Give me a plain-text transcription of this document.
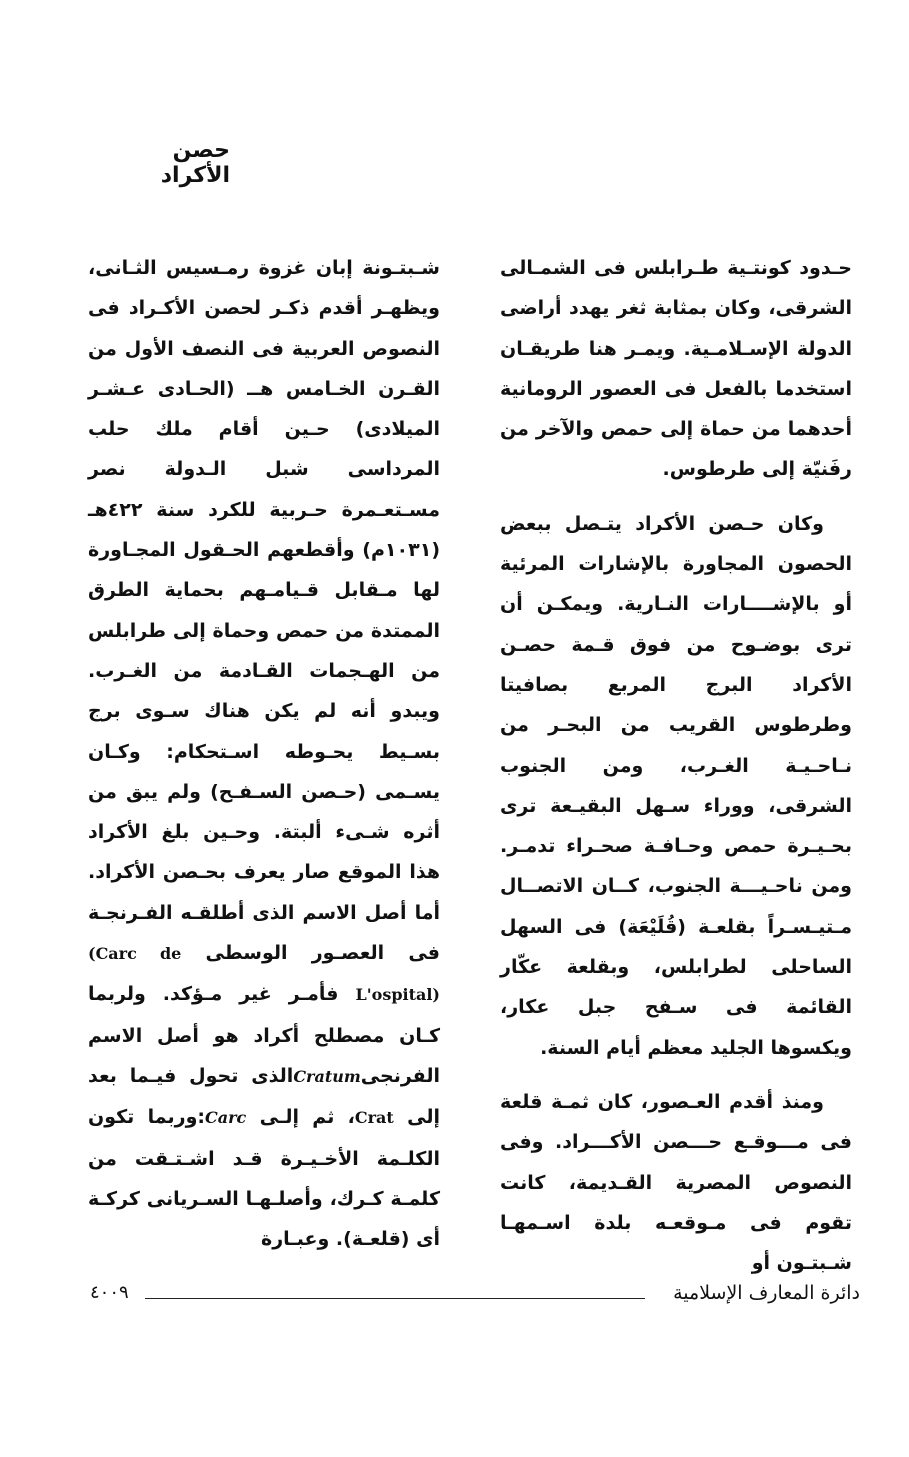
حصن الأكراد

حـدود كونتـية طـرابلس فى الشمـالى الشرقى، وكان بمثابة ثغر يهدد أراضى الدولة الإسـلامـية. ويمـر هنا طريقـان استخدما بالفعل فى العصور الرومانية أحدهما من حماة إلى حمص والآخر من رفَنيّة إلى طرطوس.

وكان حـصن الأكراد يتـصل ببعض الحصون المجاورة بالإشارات المرئية أو بالإشــــارات النـارية. ويمكـن أن ترى بوضـوح من فوق قـمة حصـن الأكراد البرج المربع بصافيتا وطرطوس القريب من البحـر من نـاحـيـة الغـرب، ومن الجنوب الشرقى، ووراء سـهل البقيـعة ترى بحـيـرة حمص وحـافـة صحـراء تدمـر. ومن ناحـيـــة الجنوب، كــان الاتصــال مـتيـسـراً بقلعـة (قُلَيْعَة) فى السهل الساحلى لطرابلس، وبقلعة عكّار القائمة فى سـفح جبل عكار، ويكسوها الجليد معظم أيام السنة.

ومنذ أقدم العـصور، كان ثمـة قلعة فى مـــوقـع حـــصن الأكـــراد. وفى النصوص المصرية القـديمة، كانت تقوم فى مـوقعـه بلدة اسـمهـا شـبتـون أو

شـبتـونة إبان غزوة رمـسيس الثـانى، ويظهـر أقدم ذكـر لحصن الأكـراد فى النصوص العربية فى النصف الأول من القـرن الخـامس هــ (الحـادى عـشـر الميلادى) حـين أقام ملك حلب المرداسى شبل الـدولة نصر مسـتعـمرة حـربية للكرد سنة ٤٢٢هـ (١٠٣١م) وأقطعهم الحـقول المجـاورة لها مـقابل قـيامـهم بحماية الطرق الممتدة من حمص وحماة إلى طرابلس من الهـجمات القـادمة من الغـرب. ويبدو أنه لم يكن هناك سـوى برج بسـيط يحـوطه اسـتحكام: وكـان يسـمى (حـصن السـفـح) ولم يبق من أثره شـىء ألبتة. وحـين بلغ الأكراد هذا الموقع صار يعرف بحـصن الأكراد. أما أصل الاسم الذى أطلقـه الفـرنجـة فى العصـور الوسطى (Carc de L'ospital) فأمـر غير مـؤكد. ولربما كـان مصطلح أكراد هو أصل الاسم الفرنجىCratumالذى تحول فيـما بعد إلى Crat، ثم إلـى Carc:وربما تكون الكلـمة الأخـيـرة قـد اشـتـقت من كلمـة كـرك، وأصلـهـا السـريانى كركـة أى (قلعـة). وعبـارة

دائرة المعارف الإسلامية
٤٠٠٩
